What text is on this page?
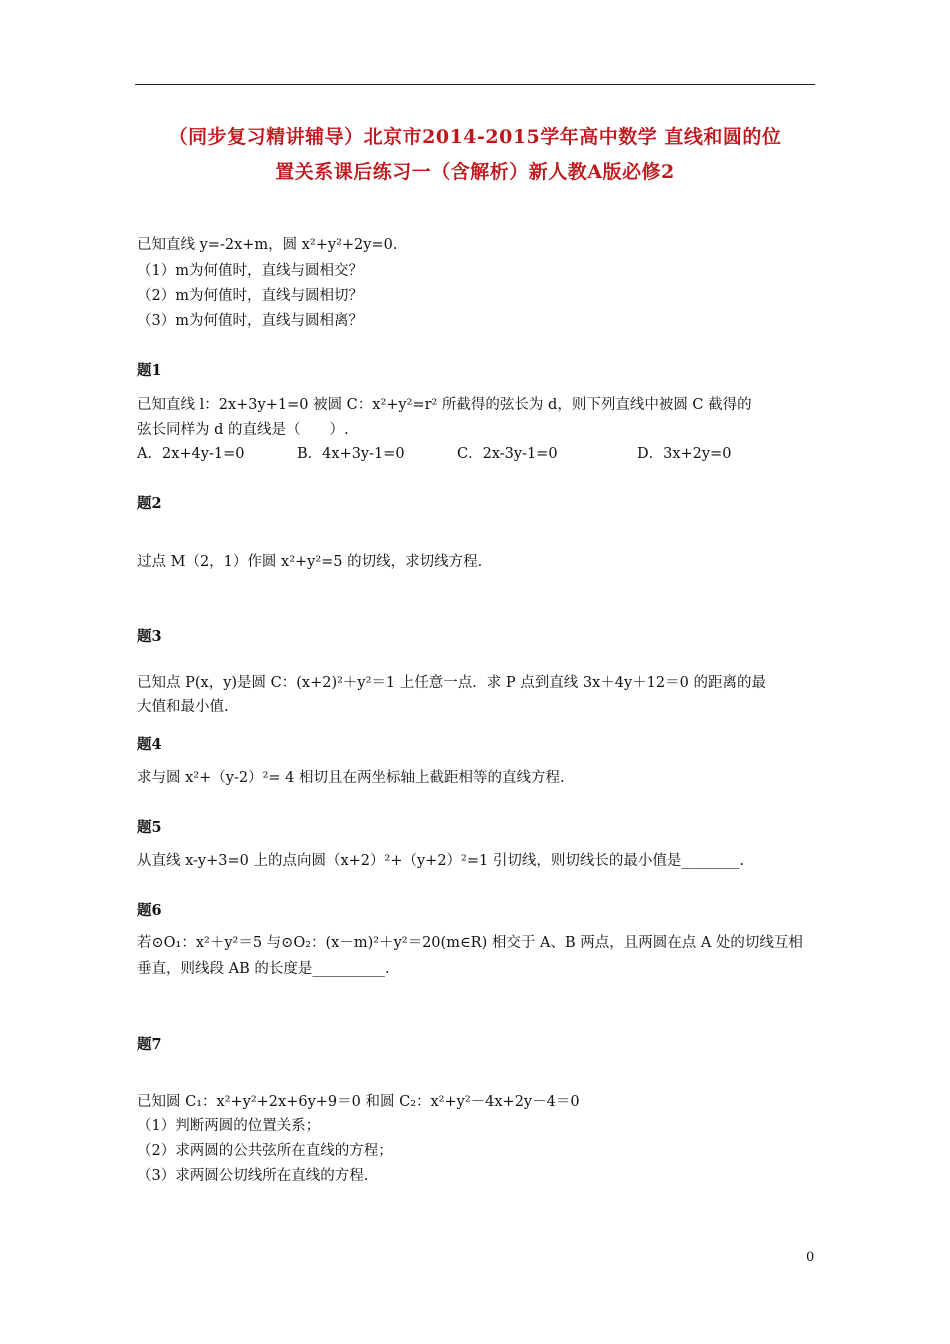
（同步复习精讲辅导）北京市2014-2015学年高中数学 直线和圆的位
置关系课后练习一（含解析）新人教A版必修2
已知直线 y=-2x+m，圆 x²+y²+2y=0.
（1）m为何值时，直线与圆相交？
（2）m为何值时，直线与圆相切？
（3）m为何值时，直线与圆相离？
题1
已知直线 l：2x+3y+1=0 被圆 C：x²+y²=r² 所截得的弦长为 d，则下列直线中被圆 C 截得的
弦长同样为 d 的直线是（　　）.
A．2x+4y-1=0	B．4x+3y-1=0	C．2x-3y-1=0	D．3x+2y=0
题2
过点 M（2，1）作圆 x²+y²=5 的切线，求切线方程.
题3
已知点 P(x，y)是圆 C：(x+2)²＋y²＝1 上任意一点．求 P 点到直线 3x＋4y＋12＝0 的距离的最
大值和最小值.
题4
求与圆 x²+（y-2）²= 4 相切且在两坐标轴上截距相等的直线方程.
题5
从直线 x-y+3=0 上的点向圆（x+2）²+（y+2）²=1 引切线，则切线长的最小值是________.
题6
若⊙O₁：x²＋y²＝5 与⊙O₂：(x－m)²＋y²＝20(m∈R) 相交于 A、B 两点，且两圆在点 A 处的切线互相
垂直，则线段 AB 的长度是__________.
题7
已知圆 C₁：x²+y²+2x+6y+9＝0 和圆 C₂：x²+y²－4x+2y－4＝0
（1）判断两圆的位置关系；
（2）求两圆的公共弦所在直线的方程；
（3）求两圆公切线所在直线的方程.
0
